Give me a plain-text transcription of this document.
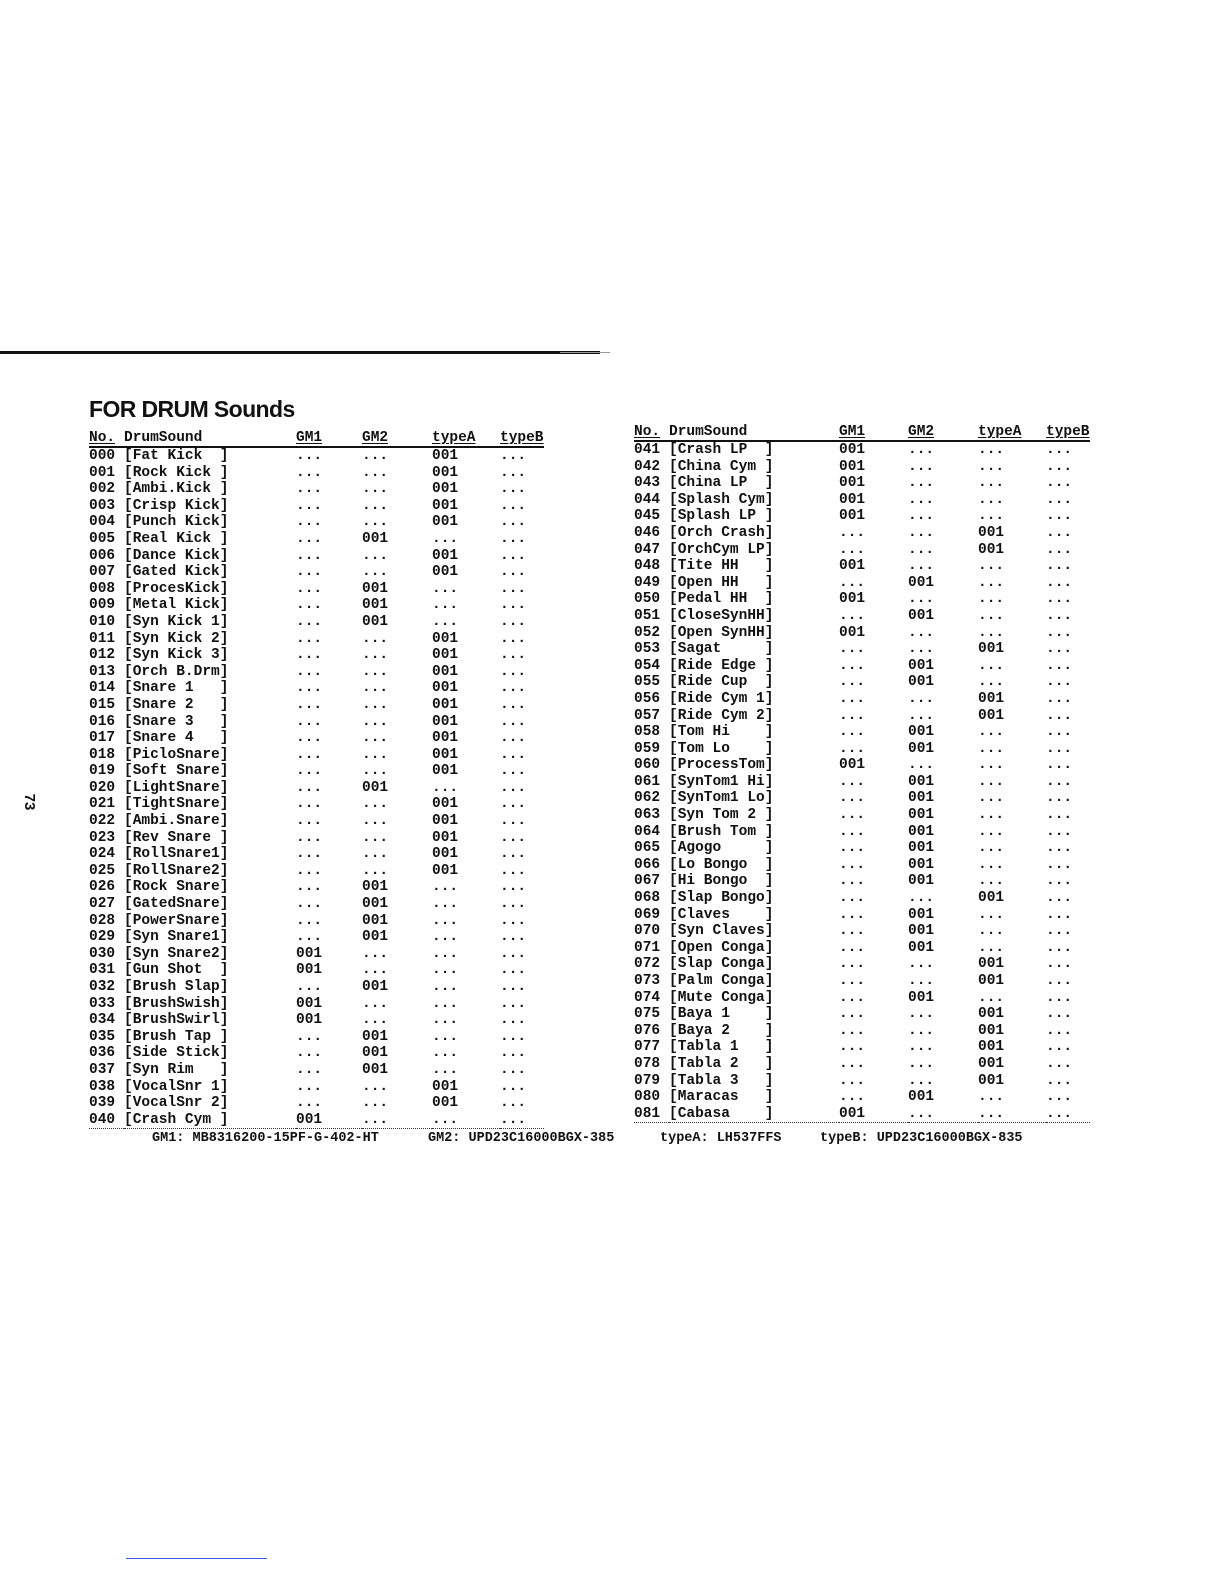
73
FOR DRUM Sounds
No.	DrumSound	GM1	GM2	typeA	typeB
000	[Fat Kick  ]	...	...	001	...
001	[Rock Kick ]	...	...	001	...
002	[Ambi.Kick ]	...	...	001	...
003	[Crisp Kick]	...	...	001	...
004	[Punch Kick]	...	...	001	...
005	[Real Kick ]	...	001	...	...
006	[Dance Kick]	...	...	001	...
007	[Gated Kick]	...	...	001	...
008	[ProcesKick]	...	001	...	...
009	[Metal Kick]	...	001	...	...
010	[Syn Kick 1]	...	001	...	...
011	[Syn Kick 2]	...	...	001	...
012	[Syn Kick 3]	...	...	001	...
013	[Orch B.Drm]	...	...	001	...
014	[Snare 1   ]	...	...	001	...
015	[Snare 2   ]	...	...	001	...
016	[Snare 3   ]	...	...	001	...
017	[Snare 4   ]	...	...	001	...
018	[PicloSnare]	...	...	001	...
019	[Soft Snare]	...	...	001	...
020	[LightSnare]	...	001	...	...
021	[TightSnare]	...	...	001	...
022	[Ambi.Snare]	...	...	001	...
023	[Rev Snare ]	...	...	001	...
024	[RollSnare1]	...	...	001	...
025	[RollSnare2]	...	...	001	...
026	[Rock Snare]	...	001	...	...
027	[GatedSnare]	...	001	...	...
028	[PowerSnare]	...	001	...	...
029	[Syn Snare1]	...	001	...	...
030	[Syn Snare2]	001	...	...	...
031	[Gun Shot  ]	001	...	...	...
032	[Brush Slap]	...	001	...	...
033	[BrushSwish]	001	...	...	...
034	[BrushSwirl]	001	...	...	...
035	[Brush Tap ]	...	001	...	...
036	[Side Stick]	...	001	...	...
037	[Syn Rim   ]	...	001	...	...
038	[VocalSnr 1]	...	...	001	...
039	[VocalSnr 2]	...	...	001	...
040	[Crash Cym ]	001	...	...	...
No.	DrumSound	GM1	GM2	typeA	typeB
041	[Crash LP  ]	001	...	...	...
042	[China Cym ]	001	...	...	...
043	[China LP  ]	001	...	...	...
044	[Splash Cym]	001	...	...	...
045	[Splash LP ]	001	...	...	...
046	[Orch Crash]	...	...	001	...
047	[OrchCym LP]	...	...	001	...
048	[Tite HH   ]	001	...	...	...
049	[Open HH   ]	...	001	...	...
050	[Pedal HH  ]	001	...	...	...
051	[CloseSynHH]	...	001	...	...
052	[Open SynHH]	001	...	...	...
053	[Sagat     ]	...	...	001	...
054	[Ride Edge ]	...	001	...	...
055	[Ride Cup  ]	...	001	...	...
056	[Ride Cym 1]	...	...	001	...
057	[Ride Cym 2]	...	...	001	...
058	[Tom Hi    ]	...	001	...	...
059	[Tom Lo    ]	...	001	...	...
060	[ProcessTom]	001	...	...	...
061	[SynTom1 Hi]	...	001	...	...
062	[SynTom1 Lo]	...	001	...	...
063	[Syn Tom 2 ]	...	001	...	...
064	[Brush Tom ]	...	001	...	...
065	[Agogo     ]	...	001	...	...
066	[Lo Bongo  ]	...	001	...	...
067	[Hi Bongo  ]	...	001	...	...
068	[Slap Bongo]	...	...	001	...
069	[Claves    ]	...	001	...	...
070	[Syn Claves]	...	001	...	...
071	[Open Conga]	...	001	...	...
072	[Slap Conga]	...	...	001	...
073	[Palm Conga]	...	...	001	...
074	[Mute Conga]	...	001	...	...
075	[Baya 1    ]	...	...	001	...
076	[Baya 2    ]	...	...	001	...
077	[Tabla 1   ]	...	...	001	...
078	[Tabla 2   ]	...	...	001	...
079	[Tabla 3   ]	...	...	001	...
080	[Maracas   ]	...	001	...	...
081	[Cabasa    ]	001	...	...	...
GM1: MB8316200-15PF-G-402-HT	GM2: UPD23C16000BGX-385	typeA: LH537FFS	typeB: UPD23C16000BGX-835
